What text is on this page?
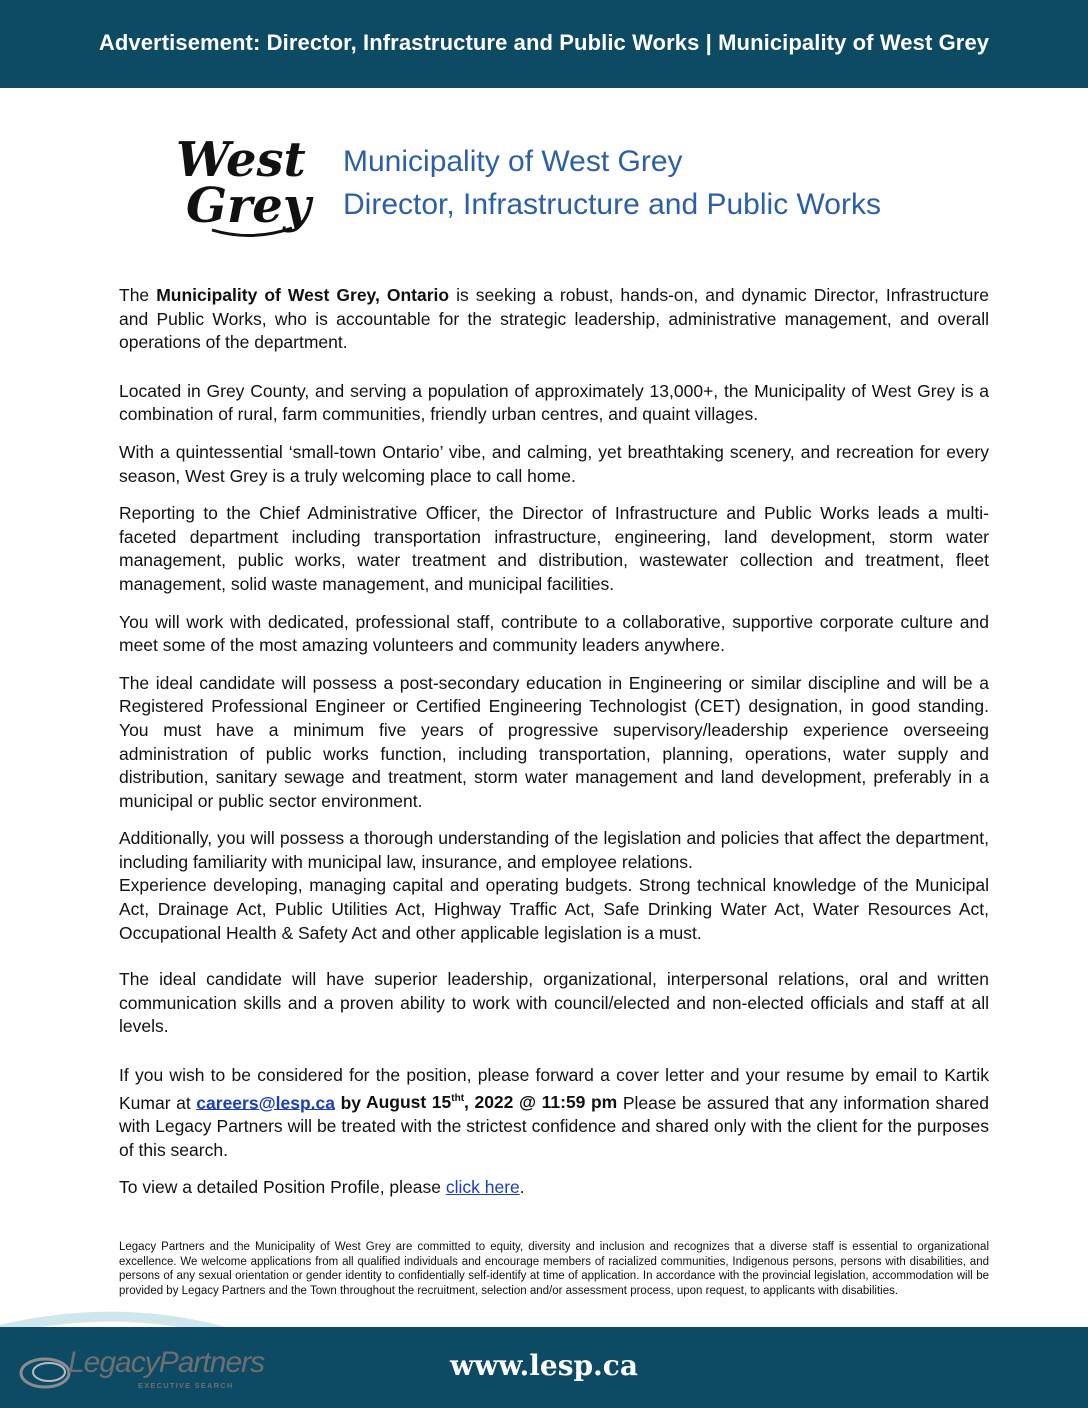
Advertisement: Director, Infrastructure and Public Works | Municipality of West Grey
West
Grey
Municipality of West Grey
Director, Infrastructure and Public Works

The Municipality of West Grey, Ontario is seeking a robust, hands-on, and dynamic Director, Infrastructure and Public Works, who is accountable for the strategic leadership, administrative management, and overall operations of the department.

Located in Grey County, and serving a population of approximately 13,000+, the Municipality of West Grey is a combination of rural, farm communities, friendly urban centres, and quaint villages.

With a quintessential ‘small-town Ontario’ vibe, and calming, yet breathtaking scenery, and recreation for every season, West Grey is a truly welcoming place to call home.

Reporting to the Chief Administrative Officer, the Director of Infrastructure and Public Works leads a multi-faceted department including transportation infrastructure, engineering, land development, storm water management, public works, water treatment and distribution, wastewater collection and treatment, fleet management, solid waste management, and municipal facilities.

You will work with dedicated, professional staff, contribute to a collaborative, supportive corporate culture and meet some of the most amazing volunteers and community leaders anywhere.

The ideal candidate will possess a post-secondary education in Engineering or similar discipline and will be a Registered Professional Engineer or Certified Engineering Technologist (CET) designation, in good standing. You must have a minimum five years of progressive supervisory/leadership experience overseeing administration of public works function, including transportation, planning, operations, water supply and distribution, sanitary sewage and treatment, storm water management and land development, preferably in a municipal or public sector environment.

Additionally, you will possess a thorough understanding of the legislation and policies that affect the department, including familiarity with municipal law, insurance, and employee relations.

Experience developing, managing capital and operating budgets. Strong technical knowledge of the Municipal Act, Drainage Act, Public Utilities Act, Highway Traffic Act, Safe Drinking Water Act, Water Resources Act, Occupational Health & Safety Act and other applicable legislation is a must.

The ideal candidate will have superior leadership, organizational, interpersonal relations, oral and written communication skills and a proven ability to work with council/elected and non-elected officials and staff at all levels.

If you wish to be considered for the position, please forward a cover letter and your resume by email to Kartik Kumar at careers@lesp.ca by August $15^{tht}$, 2022 @ 11:59 pm Please be assured that any information shared with Legacy Partners will be treated with the strictest confidence and shared only with the client for the purposes of this search.

To view a detailed Position Profile, please click here.

Legacy Partners and the Municipality of West Grey are committed to equity, diversity and inclusion and recognizes that a diverse staff is essential to organizational excellence. We welcome applications from all qualified individuals and encourage members of racialized communities, Indigenous persons, persons with disabilities, and persons of any sexual orientation or gender identity to confidentially self-identify at time of application. In accordance with the provincial legislation, accommodation will be provided by Legacy Partners and the Town throughout the recruitment, selection and/or assessment process, upon request, to applicants with disabilities.
www.lesp.ca
LegacyPartners
EXECUTIVE SEARCH
